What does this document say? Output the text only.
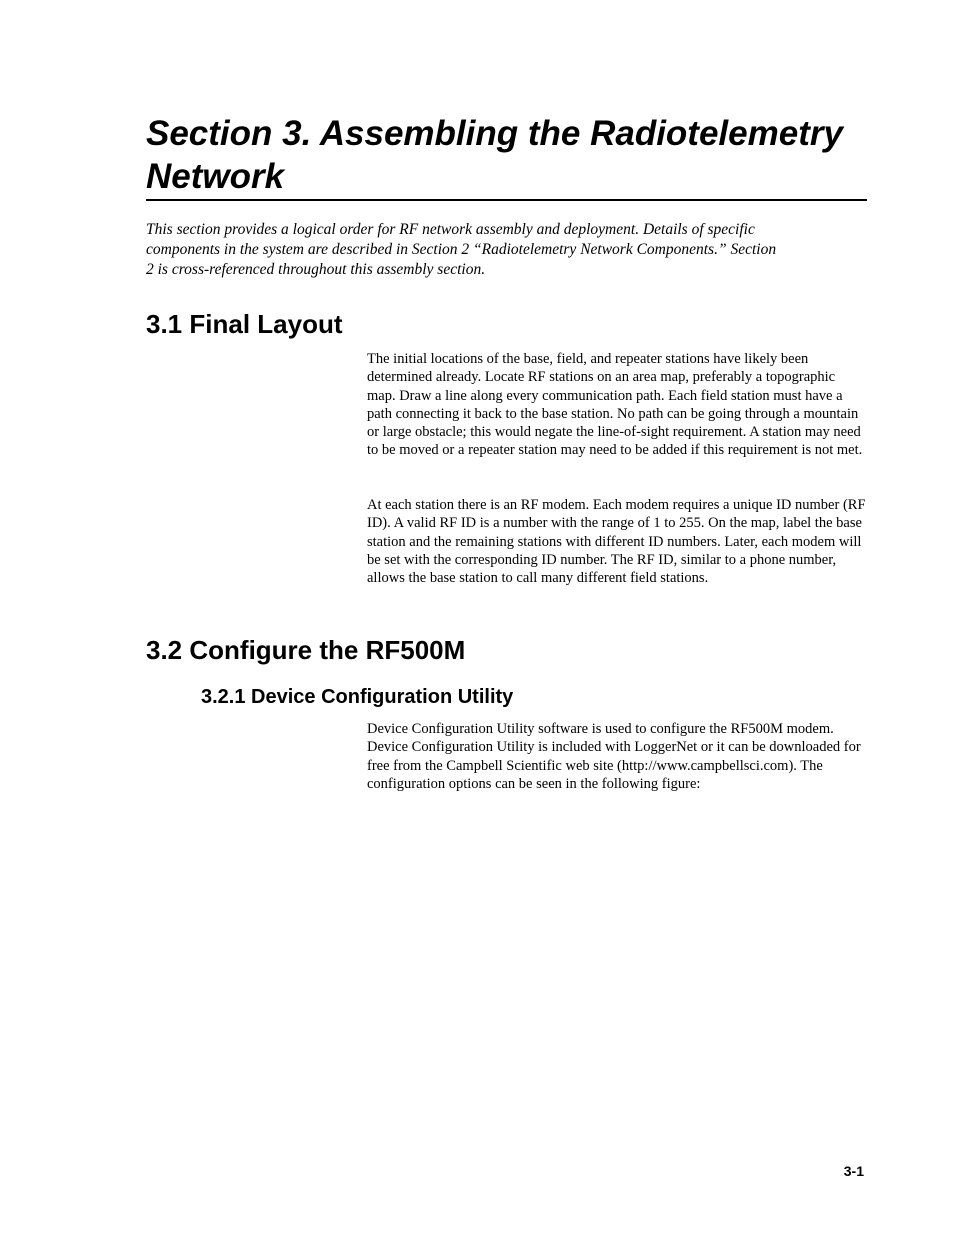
Section 3. Assembling the Radiotelemetry Network

This section provides a logical order for RF network assembly and deployment. Details of specific components in the system are described in Section 2 “Radiotelemetry Network Components.” Section 2 is cross-referenced throughout this assembly section.

3.1 Final Layout

The initial locations of the base, field, and repeater stations have likely been determined already. Locate RF stations on an area map, preferably a topographic map. Draw a line along every communication path. Each field station must have a path connecting it back to the base station. No path can be going through a mountain or large obstacle; this would negate the line-of-sight requirement. A station may need to be moved or a repeater station may need to be added if this requirement is not met.

At each station there is an RF modem. Each modem requires a unique ID number (RF ID). A valid RF ID is a number with the range of 1 to 255. On the map, label the base station and the remaining stations with different ID numbers. Later, each modem will be set with the corresponding ID number. The RF ID, similar to a phone number, allows the base station to call many different field stations.

3.2 Configure the RF500M
3.2.1 Device Configuration Utility

Device Configuration Utility software is used to configure the RF500M modem. Device Configuration Utility is included with LoggerNet or it can be downloaded for free from the Campbell Scientific web site (http://www.campbellsci.com). The configuration options can be seen in the following figure:

3-1
